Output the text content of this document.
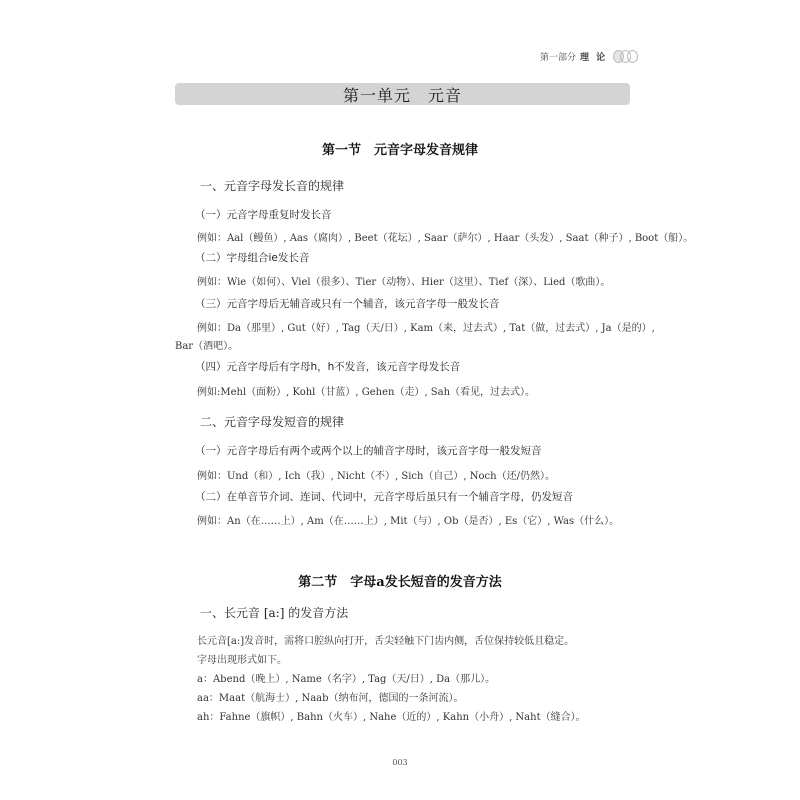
第一部分 理 论
第一单元　元音
第一节　元音字母发音规律
一、元音字母发长音的规律
（一）元音字母重复时发长音
例如：Aal（鳗鱼）, Aas（腐肉）, Beet（花坛）, Saar（萨尔）, Haar（头发）, Saat（种子）, Boot（船）。
（二）字母组合ie发长音
例如：Wie（如何）、Viel（很多）、Tier（动物）、Hier（这里）、Tief（深）、Lied（歌曲）。
（三）元音字母后无辅音或只有一个辅音，该元音字母一般发长音
例如：Da（那里）, Gut（好）, Tag（天/日）, Kam（来，过去式）, Tat（做，过去式）, Ja（是的）,
Bar（酒吧）。
（四）元音字母后有字母h，h不发音，该元音字母发长音
例如:Mehl（面粉）, Kohl（甘蓝）, Gehen（走）, Sah（看见，过去式）。
二、元音字母发短音的规律
（一）元音字母后有两个或两个以上的辅音字母时，该元音字母一般发短音
例如：Und（和）, Ich（我）, Nicht（不）, Sich（自己）, Noch（还/仍然）。
（二）在单音节介词、连词、代词中，元音字母后虽只有一个辅音字母，仍发短音
例如：An（在……上）, Am（在……上）, Mit（与）, Ob（是否）, Es（它）, Was（什么）。
第二节　字母a发长短音的发音方法
一、长元音 [a:] 的发音方法
长元音[a:]发音时，需将口腔纵向打开，舌尖轻触下门齿内侧，舌位保持较低且稳定。
字母出现形式如下。
a：Abend（晚上）, Name（名字）, Tag（天/日）, Da（那儿）。
aa：Maat（航海士）, Naab（纳布河，德国的一条河流）。
ah：Fahne（旗帜）, Bahn（火车）, Nahe（近的）, Kahn（小舟）, Naht（缝合）。
003
